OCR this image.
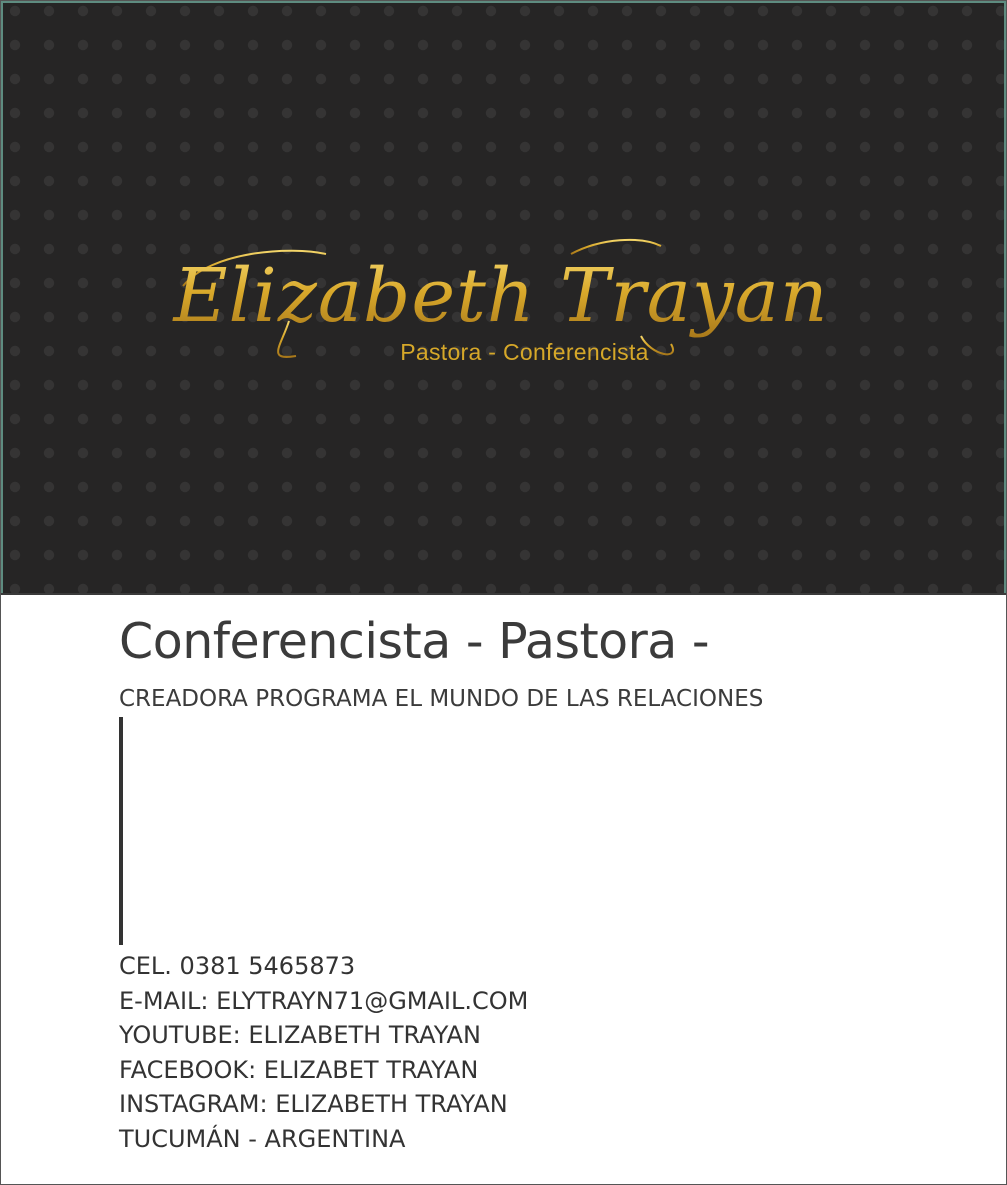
Elizabeth Trayan
Pastora - Conferencista
Conferencista - Pastora -
CREADORA PROGRAMA EL MUNDO DE LAS RELACIONES
CEL. 0381 5465873
E-MAIL: ELYTRAYN71@GMAIL.COM
YOUTUBE: ELIZABETH TRAYAN
FACEBOOK: ELIZABET TRAYAN
INSTAGRAM: ELIZABETH TRAYAN
TUCUMÁN - ARGENTINA
